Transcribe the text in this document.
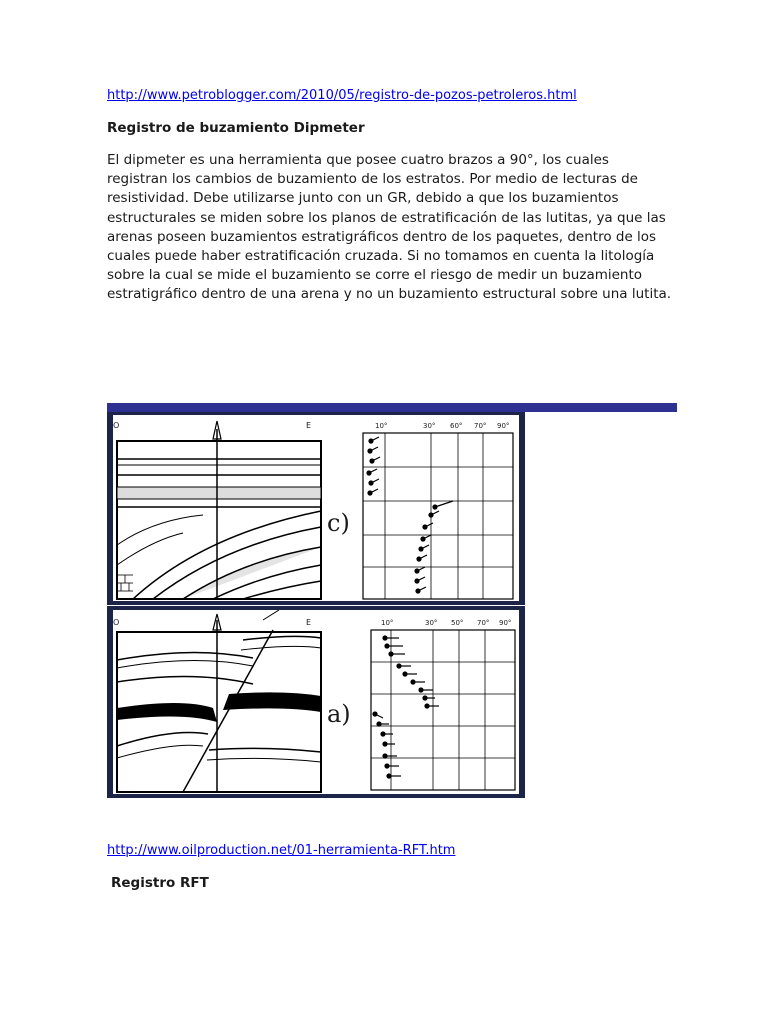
http://www.petroblogger.com/2010/05/registro-de-pozos-petroleros.html
Registro de buzamiento Dipmeter
El dipmeter es una herramienta que posee cuatro brazos a 90°, los cuales registran los cambios de buzamiento de los estratos. Por medio de lecturas de resistividad. Debe utilizarse junto con un GR, debido a que los buzamientos estructurales se miden sobre los planos de estratificación de las lutitas, ya que las arenas poseen buzamientos estratigráficos dentro de los paquetes, dentro de los cuales puede haber estratificación cruzada. Si no tomamos en cuenta la litología sobre la cual se mide el buzamiento se corre el riesgo de medir un buzamiento estratigráfico dentro de una arena y no un buzamiento estructural sobre una lutita.
O	E
c)
10°	30° 60° 70° 90°
O	E
a)
10°	30° 50° 70° 90°
http://www.oilproduction.net/01-herramienta-RFT.htm
Registro RFT
